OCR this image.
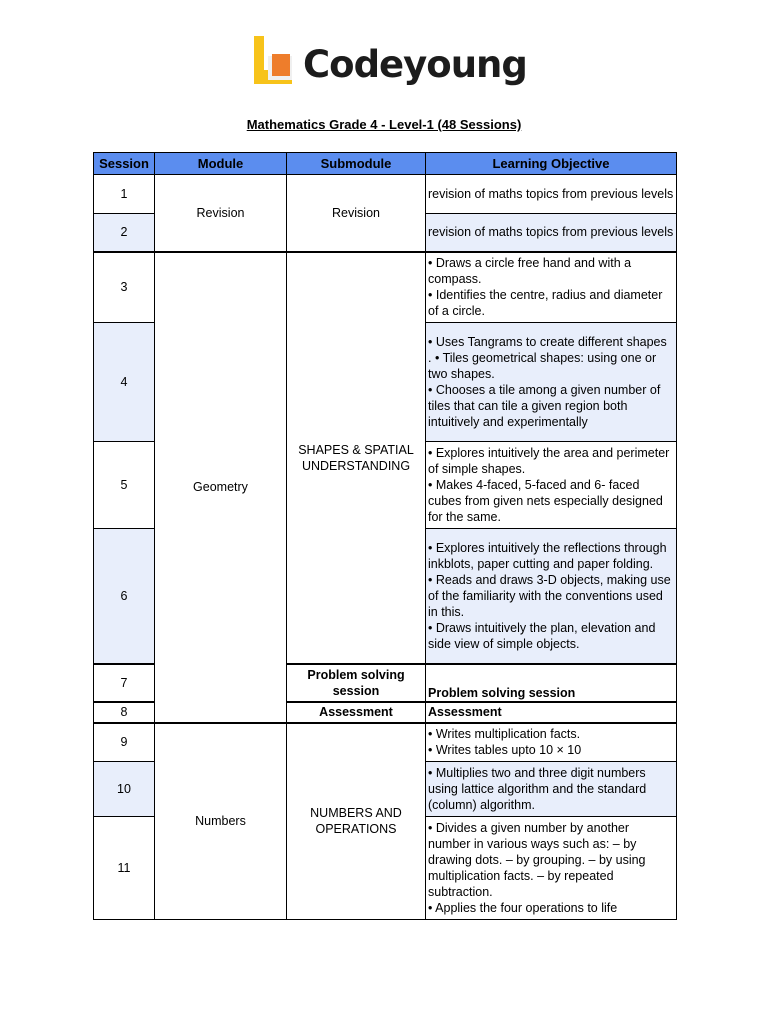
Codeyoung
Mathematics Grade 4 - Level-1 (48 Sessions)
Session	Module	Submodule	Learning Objective
1	Revision	Revision	revision of maths topics from previous levels

2			revision of maths topics from previous levels

3	Geometry	SHAPES & SPATIAL UNDERSTANDING	• Draws a circle free hand and with a compass.
• Identifies the centre, radius and diameter of a circle.

4			• Uses Tangrams to create different shapes
. • Tiles geometrical shapes: using one or two shapes.
• Chooses a tile among a given number of tiles that can tile a given region both intuitively and experimentally

5			• Explores intuitively the area and perimeter of simple shapes.
• Makes 4-faced, 5-faced and 6- faced cubes from given nets especially designed for the same.

6			• Explores intuitively the reflections through inkblots, paper cutting and paper folding.
• Reads and draws 3-D objects, making use of the familiarity with the conventions used in this.
• Draws intuitively the plan, elevation and side view of simple objects.

7		Problem solving session	Problem solving session

8		Assessment	Assessment

9	Numbers	NUMBERS AND OPERATIONS	• Writes multiplication facts.
• Writes tables upto 10 × 10

10			• Multiplies two and three digit numbers using lattice algorithm and the standard (column) algorithm.

11			• Divides a given number by another number in various ways such as: – by drawing dots. – by grouping. – by using multiplication facts. – by repeated subtraction.
• Applies the four operations to life
